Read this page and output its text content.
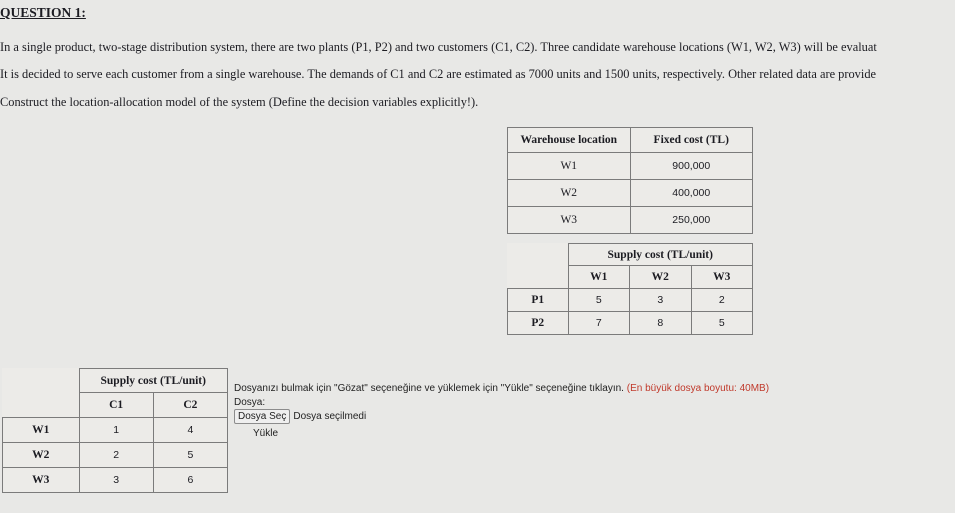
QUESTION 1:
In a single product, two-stage distribution system, there are two plants (P1, P2) and two customers (C1, C2). Three candidate warehouse locations (W1, W2, W3) will be evaluat
It is decided to serve each customer from a single warehouse. The demands of C1 and C2 are estimated as 7000 units and 1500 units, respectively. Other related data are provide
Construct the location-allocation model of the system (Define the decision variables explicitly!).
Warehouse location	Fixed cost (TL)
W1	900,000
W2	400,000
W3	250,000
	Supply cost (TL/unit)		
	W1	W2	W3
P1	5	3	2
P2	7	8	5
	Supply cost (TL/unit)	
	C1	C2
W1	1	4
W2	2	5
W3	3	6
Dosyanızı bulmak için "Gözat" seçeneğine ve yüklemek için "Yükle" seçeneğine tıklayın. (En büyük dosya boyutu: 40MB)
Dosya:
Dosya Seç Dosya seçilmedi
Yükle
